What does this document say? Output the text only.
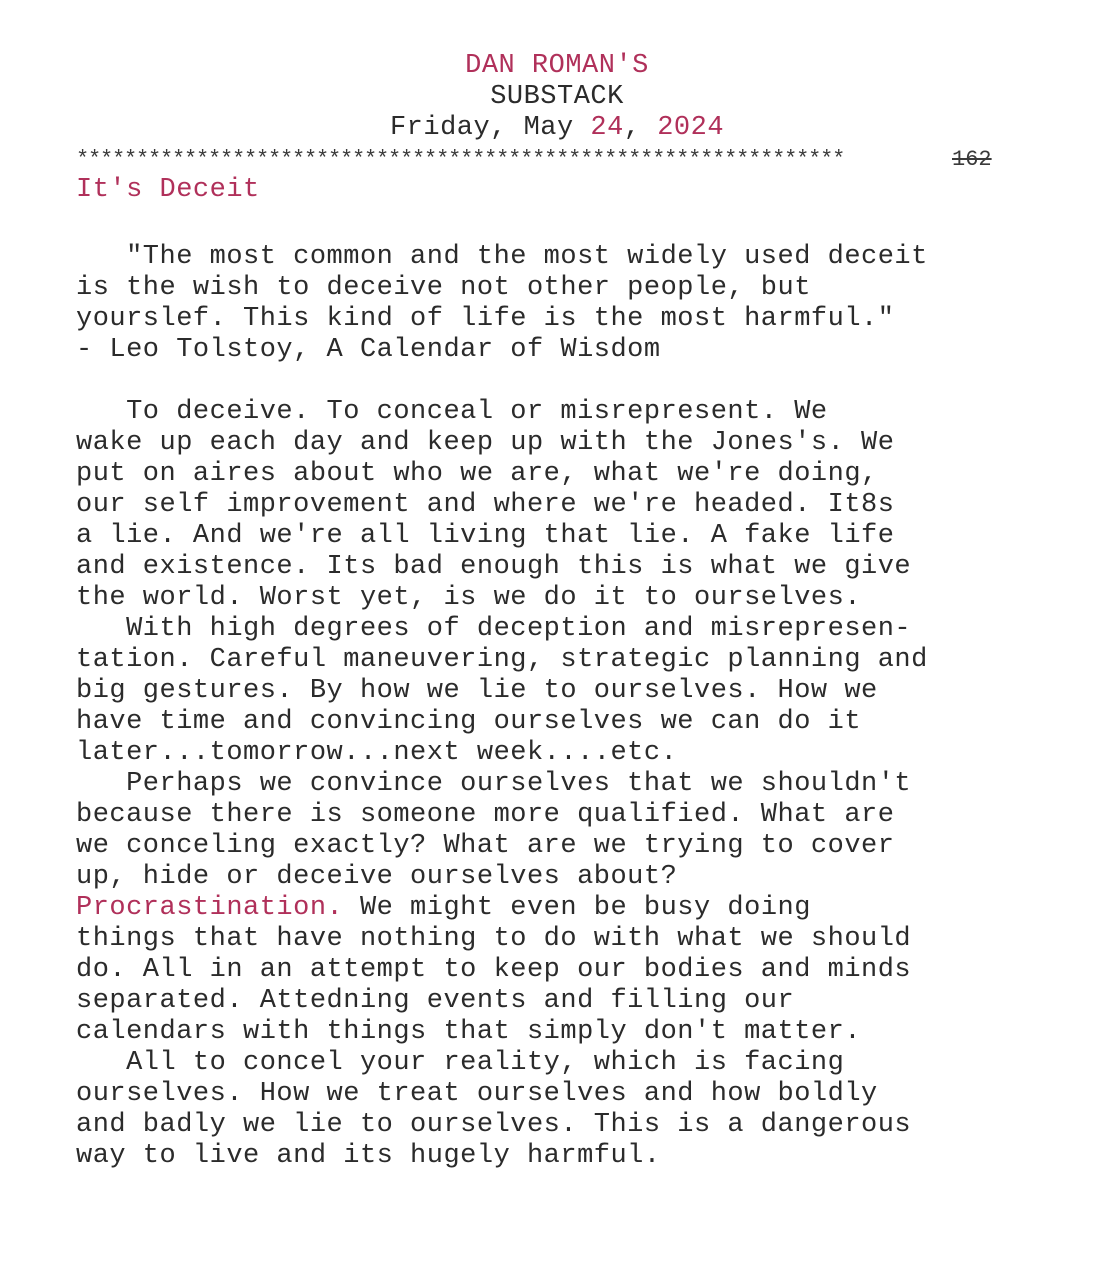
DAN ROMAN'S
SUBSTACK
Friday, May 24, 2024
****************************************************************	162
It's Deceit
"The most common and the most widely used deceit
is the wish to deceive not other people, but
yourslef. This kind of life is the most harmful."
- Leo Tolstoy, A Calendar of Wisdom
To deceive. To conceal or misrepresent. We
wake up each day and keep up with the Jones's. We
put on aires about who we are, what we're doing,
our self improvement and where we're headed. It8s
a lie. And we're all living that lie. A fake life
and existence. Its bad enough this is what we give
the world. Worst yet, is we do it to ourselves.
With high degrees of deception and misrepresen-
tation. Careful maneuvering, strategic planning and
big gestures. By how we lie to ourselves. How we
have time and convincing ourselves we can do it
later...tomorrow...next week....etc.
Perhaps we convince ourselves that we shouldn't
because there is someone more qualified. What are
we conceling exactly? What are we trying to cover
up, hide or deceive ourselves about?
Procrastination. We might even be busy doing
things that have nothing to do with what we should
do. All in an attempt to keep our bodies and minds
separated. Attedning events and filling our
calendars with things that simply don't matter.
All to concel your reality, which is facing
ourselves. How we treat ourselves and how boldly
and badly we lie to ourselves. This is a dangerous
way to live and its hugely harmful.
